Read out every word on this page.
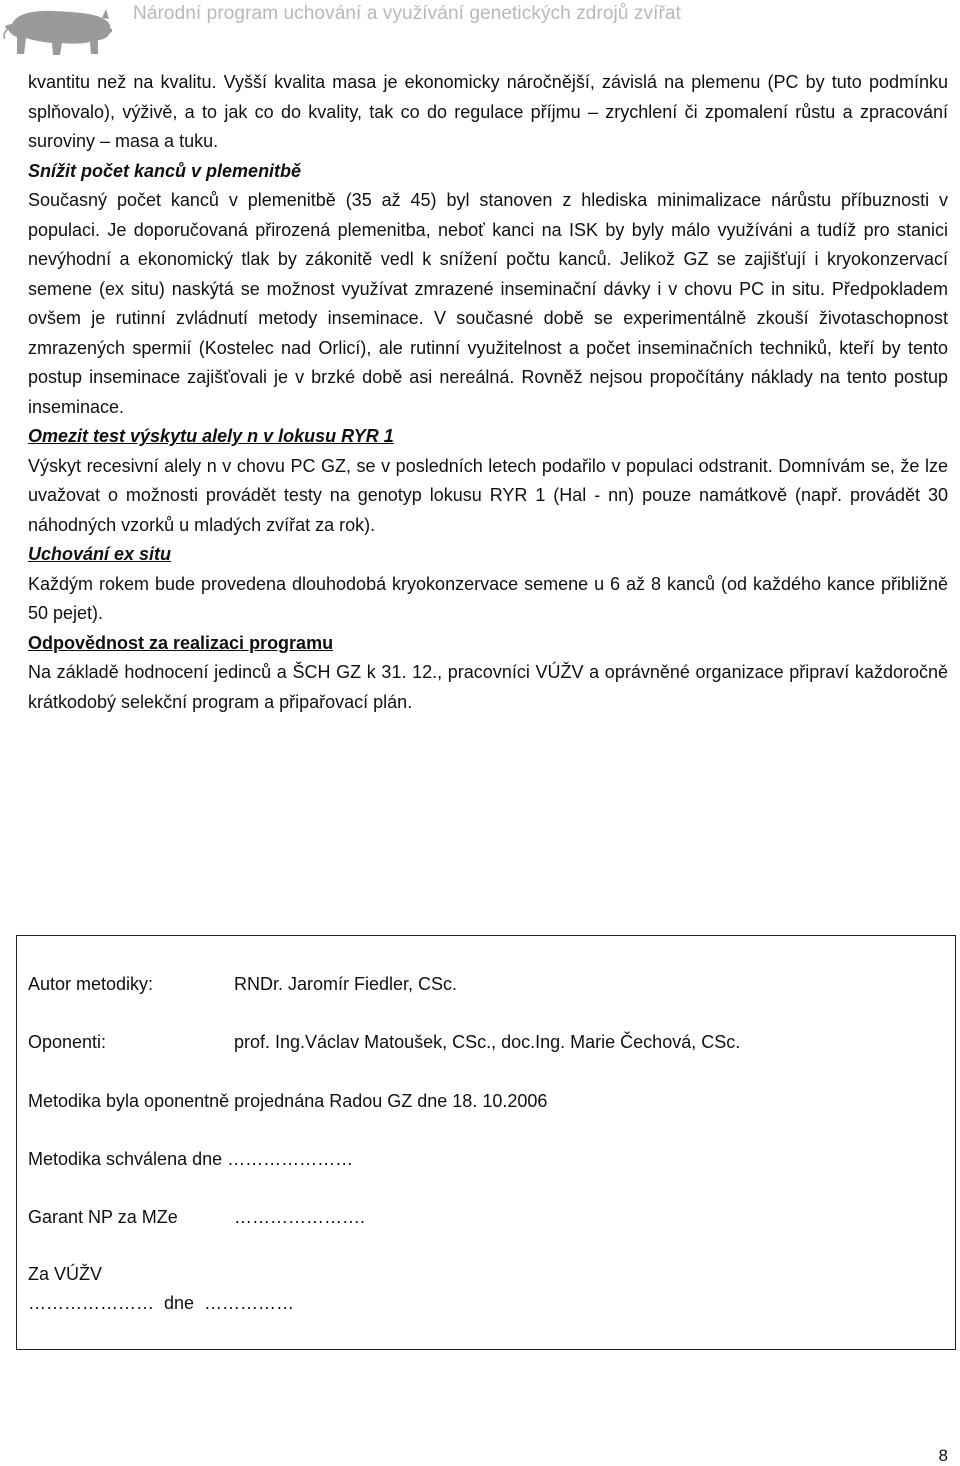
Národní program uchování a využívání genetických zdrojů zvířat

kvantitu než na kvalitu. Vyšší kvalita masa je ekonomicky náročnější, závislá na plemenu (PC by tuto podmínku splňovalo), výživě, a to jak co do kvality, tak co do regulace příjmu – zrychlení či zpomalení růstu a zpracování suroviny – masa a tuku.

Snížit počet kanců v plemenitbě

Současný počet kanců v plemenitbě (35 až 45) byl stanoven z hlediska minimalizace nárůstu příbuznosti v populaci. Je doporučovaná přirozená plemenitba, neboť kanci na ISK by byly málo využíváni a tudíž pro stanici nevýhodní a ekonomický tlak by zákonitě vedl k snížení počtu kanců. Jelikož GZ se zajišťují i kryokonzervací semene (ex situ) naskýtá se možnost využívat zmrazené inseminační dávky i v chovu PC in situ. Předpokladem ovšem je rutinní zvládnutí metody inseminace. V současné době se experimentálně zkouší životaschopnost zmrazených spermií (Kostelec nad Orlicí), ale rutinní využitelnost a počet inseminačních techniků, kteří by tento postup inseminace zajišťovali je v brzké době asi nereálná. Rovněž nejsou propočítány náklady na tento postup inseminace.

Omezit test výskytu alely n v lokusu RYR 1

Výskyt recesivní alely n v chovu PC GZ, se v posledních letech podařilo v populaci odstranit. Domnívám se, že lze uvažovat o možnosti provádět testy na genotyp lokusu RYR 1 (Hal - nn) pouze namátkově (např. provádět 30 náhodných vzorků u mladých zvířat za rok).

Uchování ex situ

Každým rokem bude provedena dlouhodobá kryokonzervace semene u 6 až 8 kanců (od každého kance přibližně 50 pejet).

Odpovědnost za realizaci programu

Na základě hodnocení jedinců a ŠCH GZ k 31. 12., pracovníci VÚŽV a oprávněné organizace připraví každoročně krátkodobý selekční program a připařovací plán.

Autor metodiky:	RNDr. Jaromír Fiedler, CSc.
Oponenti:	prof. Ing.Václav Matoušek, CSc., doc.Ing. Marie Čechová, CSc.
Metodika byla oponentně projednána Radou GZ dne 18. 10.2006
Metodika schválena dne …………………
Garant NP za MZe	………………….
Za VÚŽV
…………………  dne  ……………
8
